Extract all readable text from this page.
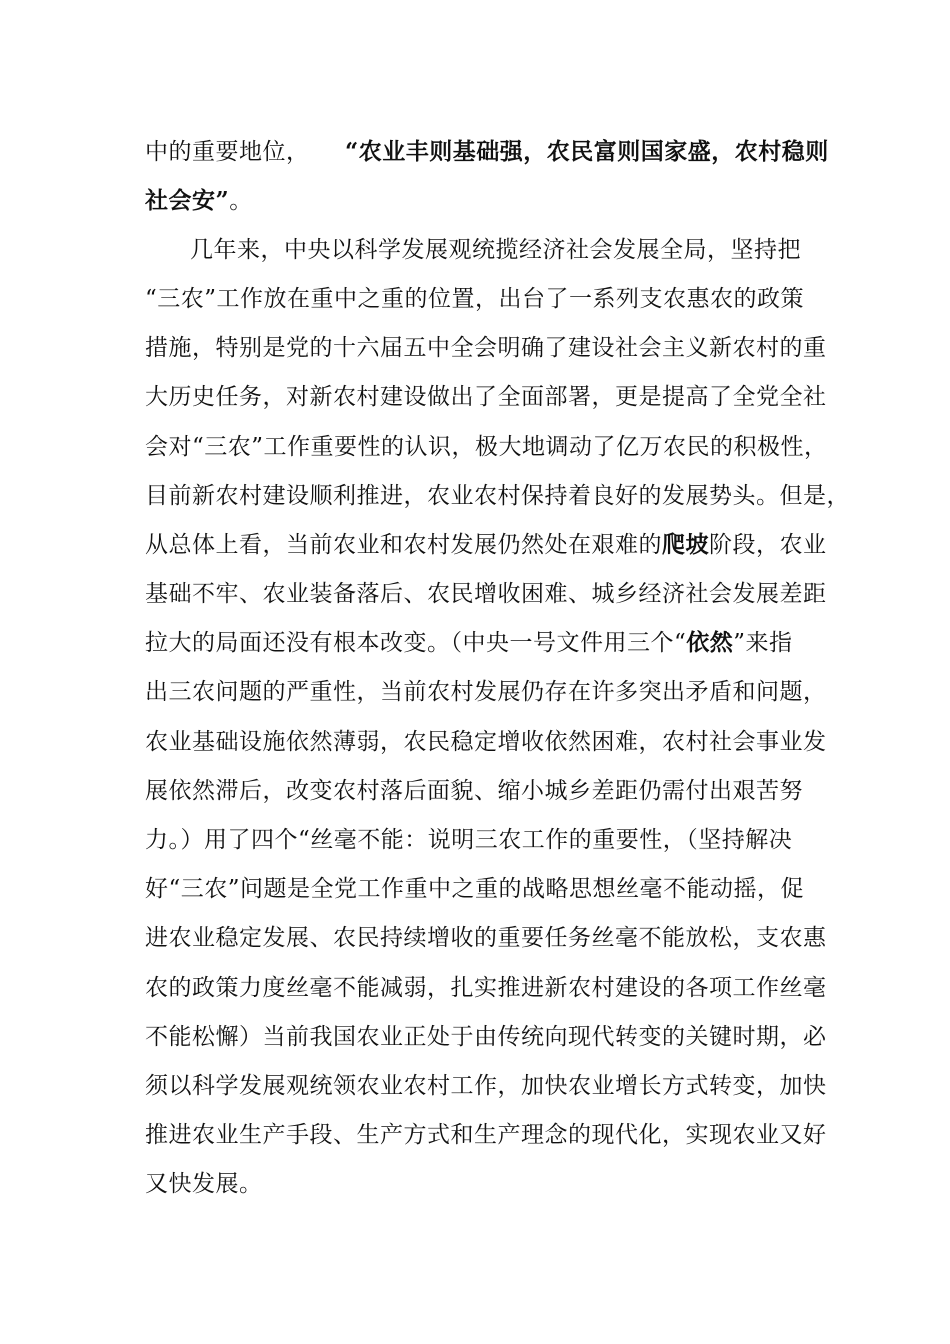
中的重要地位，　　“农业丰则基础强，农民富则国家盛，农村稳则
社会安”。
几年来，中央以科学发展观统揽经济社会发展全局，坚持把
“三农”工作放在重中之重的位置，出台了一系列支农惠农的政策
措施，特别是党的十六届五中全会明确了建设社会主义新农村的重
大历史任务，对新农村建设做出了全面部署，更是提高了全党全社
会对“三农”工作重要性的认识，极大地调动了亿万农民的积极性，
目前新农村建设顺利推进，农业农村保持着良好的发展势头。但是，
从总体上看，当前农业和农村发展仍然处在艰难的爬坡阶段，农业
基础不牢、农业装备落后、农民增收困难、城乡经济社会发展差距
拉大的局面还没有根本改变。（中央一号文件用三个“依然”来指
出三农问题的严重性，当前农村发展仍存在许多突出矛盾和问题，
农业基础设施依然薄弱，农民稳定增收依然困难，农村社会事业发
展依然滞后，改变农村落后面貌、缩小城乡差距仍需付出艰苦努
力。）用了四个“丝毫不能：说明三农工作的重要性，（坚持解决
好“三农”问题是全党工作重中之重的战略思想丝毫不能动摇，促
进农业稳定发展、农民持续增收的重要任务丝毫不能放松，支农惠
农的政策力度丝毫不能减弱，扎实推进新农村建设的各项工作丝毫
不能松懈）当前我国农业正处于由传统向现代转变的关键时期，必
须以科学发展观统领农业农村工作，加快农业增长方式转变，加快
推进农业生产手段、生产方式和生产理念的现代化，实现农业又好
又快发展。
